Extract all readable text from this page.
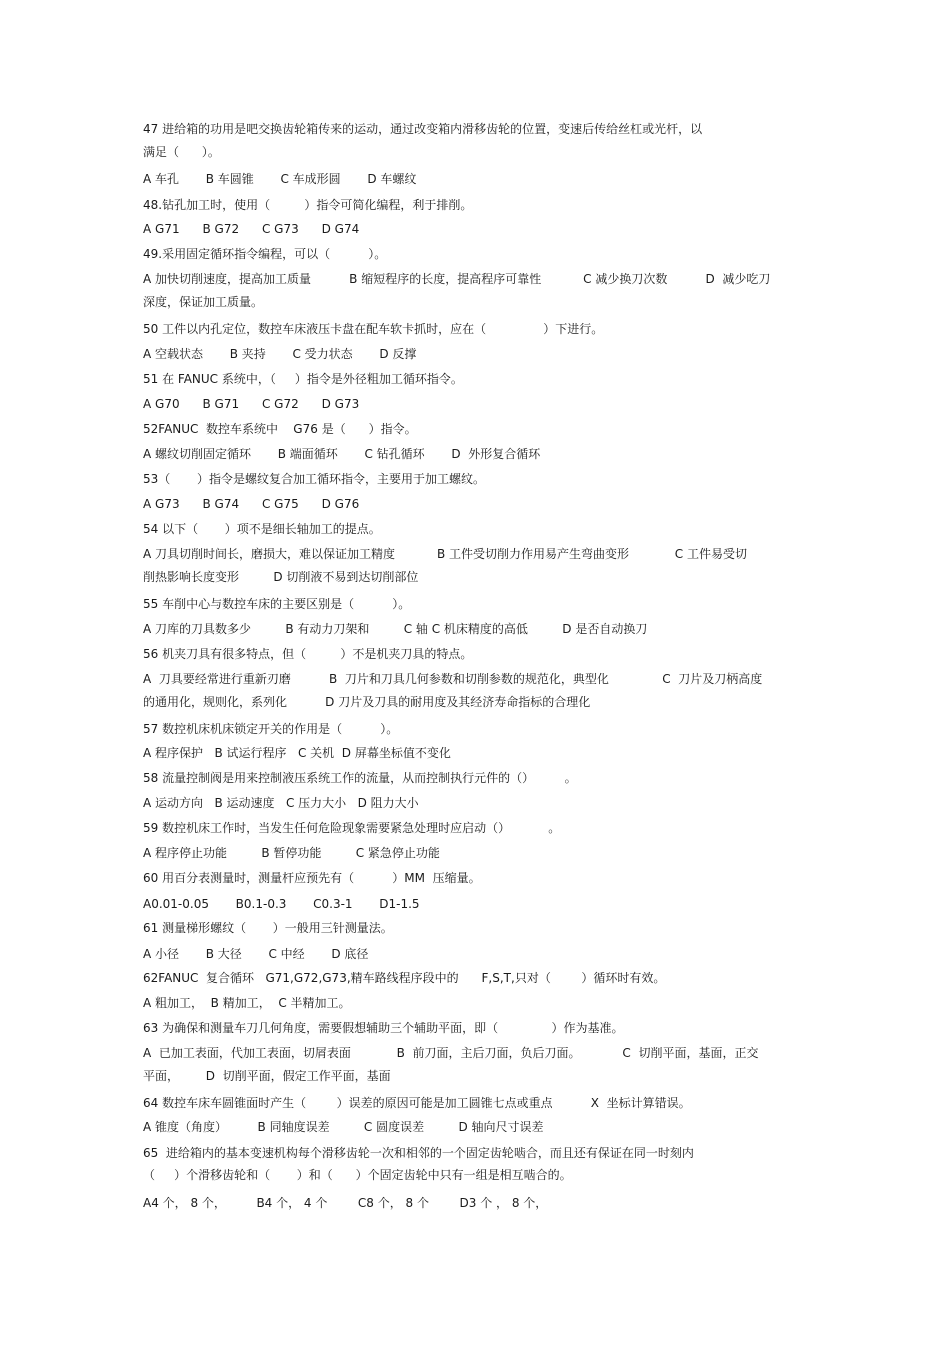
47 进给箱的功用是吧交换齿轮箱传来的运动，通过改变箱内滑移齿轮的位置，变速后传给丝杠或光杆，以
满足（      ）。
A 车孔       B 车圆锥       C 车成形圆       D 车螺纹
48.钻孔加工时，使用（         ）指令可简化编程，利于排削。
A G71      B G72      C G73      D G74
49.采用固定循环指令编程，可以（          ）。
A 加快切削速度，提高加工质量          B 缩短程序的长度，提高程序可靠性           C 减少换刀次数          D  减少吃刀
深度，保证加工质量。
50 工件以内孔定位，数控车床液压卡盘在配车软卡抓时，应在（               ）下进行。
A 空载状态       B 夹持       C 受力状态       D 反撑
51 在 FANUC 系统中，（     ）指令是外径粗加工循环指令。
A G70      B G71      C G72      D G73
52FANUC  数控车系统中    G76 是（      ）指令。
A 螺纹切削固定循环       B 端面循环       C 钻孔循环       D  外形复合循环
53（       ）指令是螺纹复合加工循环指令，主要用于加工螺纹。
A G73      B G74      C G75      D G76
54 以下（       ）项不是细长轴加工的提点。
A 刀具切削时间长，磨损大，难以保证加工精度           B 工件受切削力作用易产生弯曲变形            C 工件易受切
削热影响长度变形         D 切削液不易到达切削部位
55 车削中心与数控车床的主要区别是（          ）。
A 刀库的刀具数多少         B 有动力刀架和         C 轴 C 机床精度的高低         D 是否自动换刀
56 机夹刀具有很多特点，但（         ）不是机夹刀具的特点。
A  刀具要经常进行重新刃磨          B  刀片和刀具几何参数和切削参数的规范化，典型化              C  刀片及刀柄高度
的通用化，规则化，系列化          D 刀片及刀具的耐用度及其经济寿命指标的合理化
57 数控机床机床锁定开关的作用是（          ）。
A 程序保护   B 试运行程序   C 关机  D 屏幕坐标值不变化
58 流量控制阀是用来控制液压系统工作的流量，从而控制执行元件的（）        。
A 运动方向   B 运动速度   C 压力大小   D 阻力大小
59 数控机床工作时，当发生任何危险现象需要紧急处理时应启动（）          。
A 程序停止功能         B 暂停功能         C 紧急停止功能
60 用百分表测量时，测量杆应预先有（          ）MM  压缩量。
A0.01-0.05       B0.1-0.3       C0.3-1       D1-1.5
61 测量梯形螺纹（       ）一般用三针测量法。
A 小径       B 大径       C 中经       D 底径
62FANUC  复合循环   G71,G72,G73,精车路线程序段中的      F,S,T,只对（        ）循环时有效。
A 粗加工，  B 精加工，  C 半精加工。
63 为确保和测量车刀几何角度，需要假想辅助三个辅助平面，即（              ）作为基准。
A  已加工表面，代加工表面，切屑表面            B  前刀面，主后刀面，负后刀面。           C  切削平面，基面，正交
平面，       D  切削平面，假定工作平面，基面
64 数控车床车圆锥面时产生（        ）误差的原因可能是加工圆锥七点或重点          X  坐标计算错误。
A 锥度（角度）        B 同轴度误差         C 圆度误差         D 轴向尺寸误差
65  进给箱内的基本变速机构每个滑移齿轮一次和相邻的一个固定齿轮啮合，而且还有保证在同一时刻内
（     ）个滑移齿轮和（       ）和（      ）个固定齿轮中只有一组是相互啮合的。
A4 个， 8 个，        B4 个， 4 个        C8 个， 8 个        D3 个 ， 8 个，
